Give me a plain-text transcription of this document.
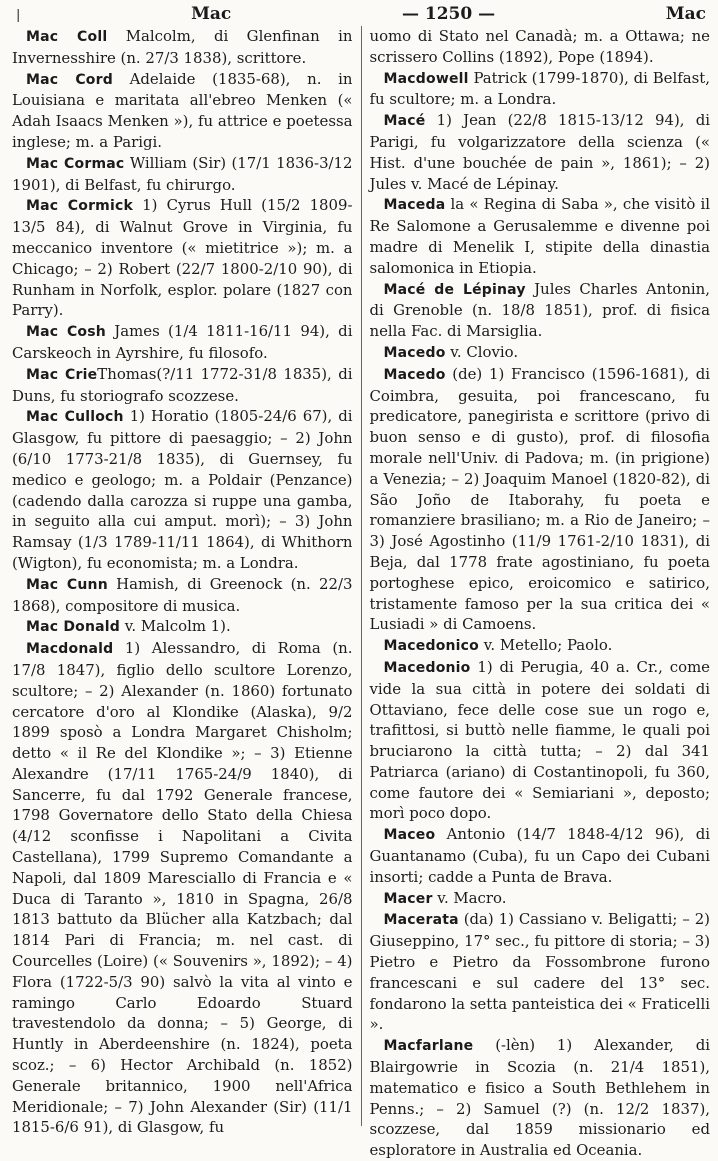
|	Mac	— 1250 —	Mac

Mac Coll Malcolm, di Glenfinan in Invernesshire (n. 27/3 1838), scrittore.

Mac Cord Adelaide (1835-68), n. in Louisiana e maritata all'ebreo Menken (« Adah Isaacs Menken »), fu attrice e poetessa inglese; m. a Parigi.

Mac Cormac William (Sir) (17/1 1836-3/12 1901), di Belfast, fu chirurgo.

Mac Cormick 1) Cyrus Hull (15/2 1809-13/5 84), di Walnut Grove in Virginia, fu meccanico inventore (« mietitrice »); m. a Chicago; – 2) Robert (22/7 1800-2/10 90), di Runham in Norfolk, esplor. polare (1827 con Parry).

Mac Cosh James (1/4 1811-16/11 94), di Carskeoch in Ayrshire, fu filosofo.

Mac CrieThomas(?/11 1772-31/8 1835), di Duns, fu storiografo scozzese.

Mac Culloch 1) Horatio (1805-24/6 67), di Glasgow, fu pittore di paesaggio; – 2) John (6/10 1773-21/8 1835), di Guernsey, fu medico e geologo; m. a Poldair (Penzance) (cadendo dalla carozza si ruppe una gamba, in seguito alla cui amput. morì); – 3) John Ramsay (1/3 1789-11/11 1864), di Whithorn (Wigton), fu economista; m. a Londra.

Mac Cunn Hamish, di Greenock (n. 22/3 1868), compositore di musica.

Mac Donald v. Malcolm 1).

Macdonald 1) Alessandro, di Roma (n. 17/8 1847), figlio dello scultore Lorenzo, scultore; – 2) Alexander (n. 1860) fortunato cercatore d'oro al Klondike (Alaska), 9/2 1899 sposò a Londra Margaret Chisholm; detto « il Re del Klondike »; – 3) Etienne Alexandre (17/11 1765-24/9 1840), di Sancerre, fu dal 1792 Generale francese, 1798 Governatore dello Stato della Chiesa (4/12 sconfisse i Napolitani a Civita Castellana), 1799 Supremo Comandante a Napoli, dal 1809 Maresciallo di Francia e « Duca di Taranto », 1810 in Spagna, 26/8 1813 battuto da Blücher alla Katzbach; dal 1814 Pari di Francia; m. nel cast. di Courcelles (Loire) (« Souvenirs », 1892); – 4) Flora (1722-5/3 90) salvò la vita al vinto e ramingo Carlo Edoardo Stuard travestendolo da donna; – 5) George, di Huntly in Aberdeenshire (n. 1824), poeta scoz.; – 6) Hector Archibald (n. 1852) Generale britannico, 1900 nell'Africa Meridionale; – 7) John Alexander (Sir) (11/1 1815-6/6 91), di Glasgow, fu

uomo di Stato nel Canadà; m. a Ottawa; ne scrissero Collins (1892), Pope (1894).

Macdowell Patrick (1799-1870), di Belfast, fu scultore; m. a Londra.

Macé 1) Jean (22/8 1815-13/12 94), di Parigi, fu volgarizzatore della scienza (« Hist. d'une bouchée de pain », 1861); – 2) Jules v. Macé de Lépinay.

Maceda la « Regina di Saba », che visitò il Re Salomone a Gerusalemme e divenne poi madre di Menelik I, stipite della dinastia salomonica in Etiopia.

Macé de Lépinay Jules Charles Antonin, di Grenoble (n. 18/8 1851), prof. di fisica nella Fac. di Marsiglia.

Macedo v. Clovio.

Macedo (de) 1) Francisco (1596-1681), di Coimbra, gesuita, poi francescano, fu predicatore, panegirista e scrittore (privo di buon senso e di gusto), prof. di filosofia morale nell'Univ. di Padova; m. (in prigione) a Venezia; – 2) Joaquim Manoel (1820-82), di São Joño de Itaborahy, fu poeta e romanziere brasiliano; m. a Rio de Janeiro; – 3) José Agostinho (11/9 1761-2/10 1831), di Beja, dal 1778 frate agostiniano, fu poeta portoghese epico, eroicomico e satirico, tristamente famoso per la sua critica dei « Lusiadi » di Camoens.

Macedonico v. Metello; Paolo.

Macedonio 1) di Perugia, 40 a. Cr., come vide la sua città in potere dei soldati di Ottaviano, fece delle cose sue un rogo e, trafittosi, si buttò nelle fiamme, le quali poi bruciarono la città tutta; – 2) dal 341 Patriarca (ariano) di Costantinopoli, fu 360, come fautore dei « Semiariani », deposto; morì poco dopo.

Maceo Antonio (14/7 1848-4/12 96), di Guantanamo (Cuba), fu un Capo dei Cubani insorti; cadde a Punta de Brava.

Macer v. Macro.

Macerata (da) 1) Cassiano v. Beligatti; – 2) Giuseppino, 17° sec., fu pittore di storia; – 3) Pietro e Pietro da Fossombrone furono francescani e sul cadere del 13° sec. fondarono la setta panteistica dei « Fraticelli ».

Macfarlane (-lèn) 1) Alexander, di Blairgowrie in Scozia (n. 21/4 1851), matematico e fisico a South Bethlehem in Penns.; – 2) Samuel (?) (n. 12/2 1837), scozzese, dal 1859 missionario ed esploratore in Australia ed Oceania.
